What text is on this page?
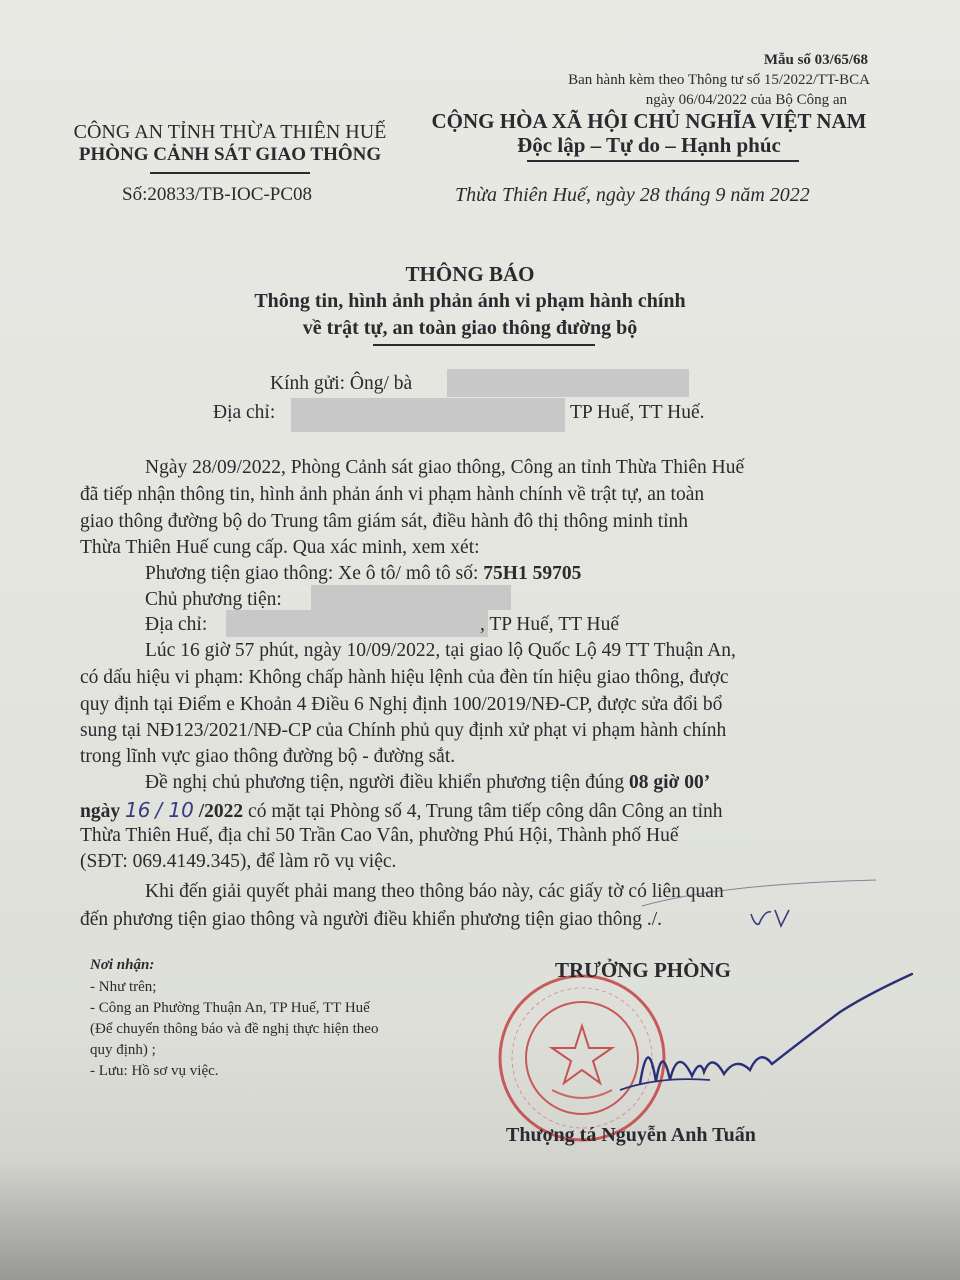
Mẫu số 03/65/68
Ban hành kèm theo Thông tư số 15/2022/TT-BCA
ngày 06/04/2022 của Bộ Công an
CÔNG AN TỈNH THỪA THIÊN HUẾ
PHÒNG CẢNH SÁT GIAO THÔNG
Số:20833/TB-IOC-PC08
CỘNG HÒA XÃ HỘI CHỦ NGHĨA VIỆT NAM
Độc lập – Tự do – Hạnh phúc
Thừa Thiên Huế, ngày 28 tháng 9 năm 2022
THÔNG BÁO
Thông tin, hình ảnh phản ánh vi phạm hành chính
về trật tự, an toàn giao thông đường bộ
Kính gửi: Ông/ bà
Địa chỉ:	TP Huế, TT Huế.
Ngày 28/09/2022, Phòng Cảnh sát giao thông, Công an tỉnh Thừa Thiên Huế
đã tiếp nhận thông tin, hình ảnh phản ánh vi phạm hành chính về trật tự, an toàn
giao thông đường bộ do Trung tâm giám sát, điều hành đô thị thông minh tỉnh
Thừa Thiên Huế cung cấp. Qua xác minh, xem xét:
Phương tiện giao thông: Xe ô tô/ mô tô số: 75H1 59705
Chủ phương tiện:
Địa chỉ:	, TP Huế, TT Huế
Lúc 16 giờ 57 phút, ngày 10/09/2022, tại giao lộ Quốc Lộ 49 TT Thuận An,
có dấu hiệu vi phạm: Không chấp hành hiệu lệnh của đèn tín hiệu giao thông, được
quy định tại Điểm e Khoản 4 Điều 6 Nghị định 100/2019/NĐ-CP, được sửa đổi bổ
sung tại NĐ123/2021/NĐ-CP của Chính phủ quy định xử phạt vi phạm hành chính
trong lĩnh vực giao thông đường bộ - đường sắt.
Đề nghị chủ phương tiện, người điều khiển phương tiện đúng 08 giờ 00’
ngày 16 / 10 /2022 có mặt tại Phòng số 4, Trung tâm tiếp công dân Công an tỉnh
Thừa Thiên Huế, địa chỉ 50 Trần Cao Vân, phường Phú Hội, Thành phố Huế
(SĐT: 069.4149.345), để làm rõ vụ việc.
Khi đến giải quyết phải mang theo thông báo này, các giấy tờ có liên quan
đến phương tiện giao thông và người điều khiển phương tiện giao thông ./.
Nơi nhận:
- Như trên;
- Công an Phường Thuận An, TP Huế, TT Huế
(Để chuyển thông báo và đề nghị thực hiện theo
quy định) ;
- Lưu: Hồ sơ vụ việc.
TRƯỞNG PHÒNG
Thượng tá Nguyễn Anh Tuấn
